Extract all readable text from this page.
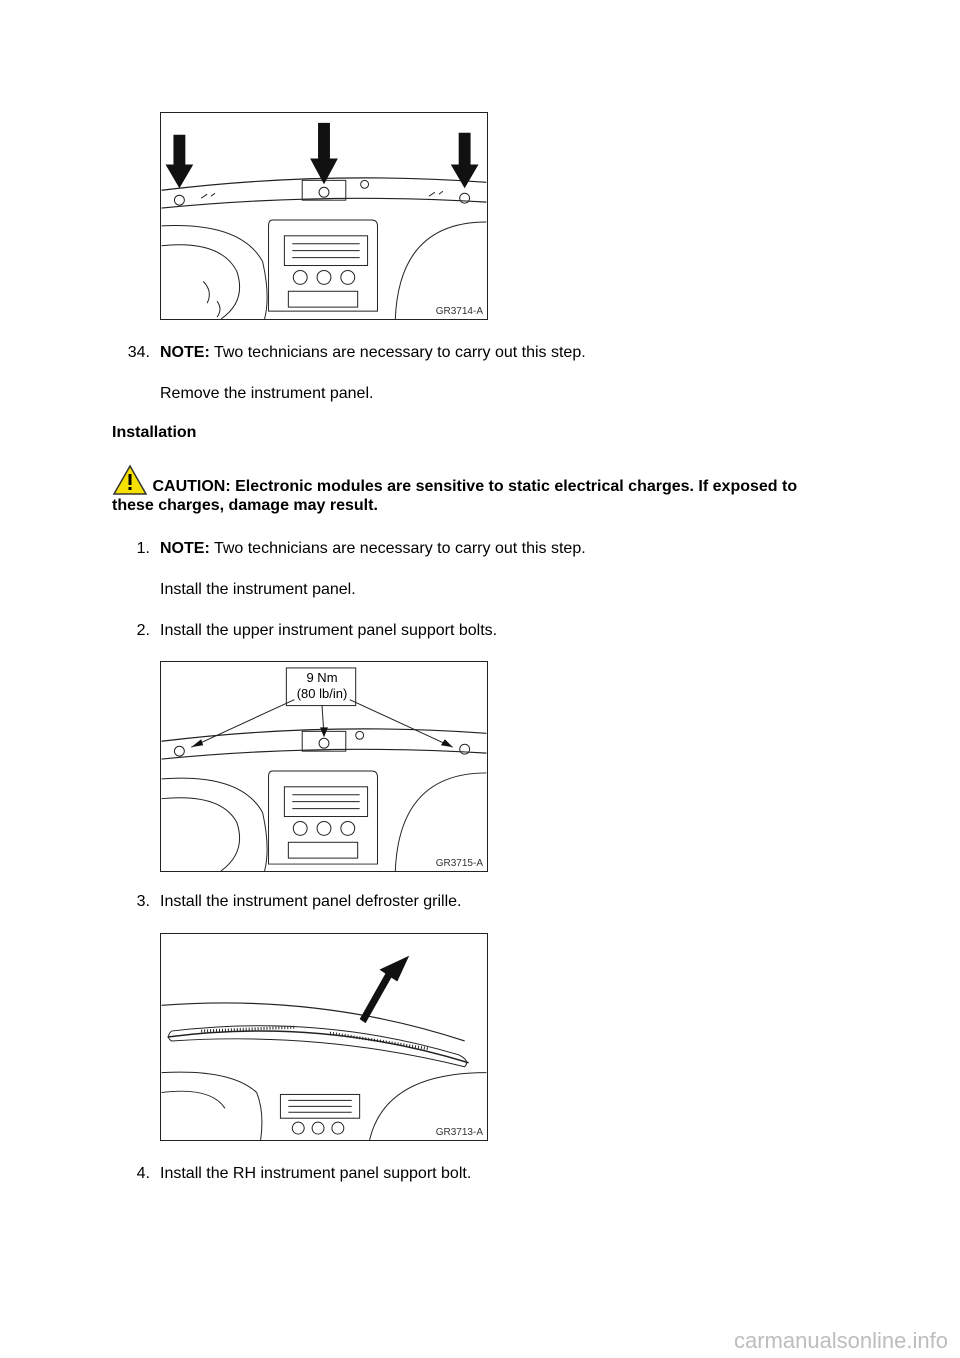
GR3714-A
34. NOTE: Two technicians are necessary to carry out this step.
Remove the instrument panel.
Installation
CAUTION: Electronic modules are sensitive to static electrical charges. If exposed to these charges, damage may result.
1. NOTE: Two technicians are necessary to carry out this step.
Install the instrument panel.
2. Install the upper instrument panel support bolts.
9 Nm
(80 lb/in)
GR3715-A
3. Install the instrument panel defroster grille.
GR3713-A
4. Install the RH instrument panel support bolt.
carmanualsonline.info
